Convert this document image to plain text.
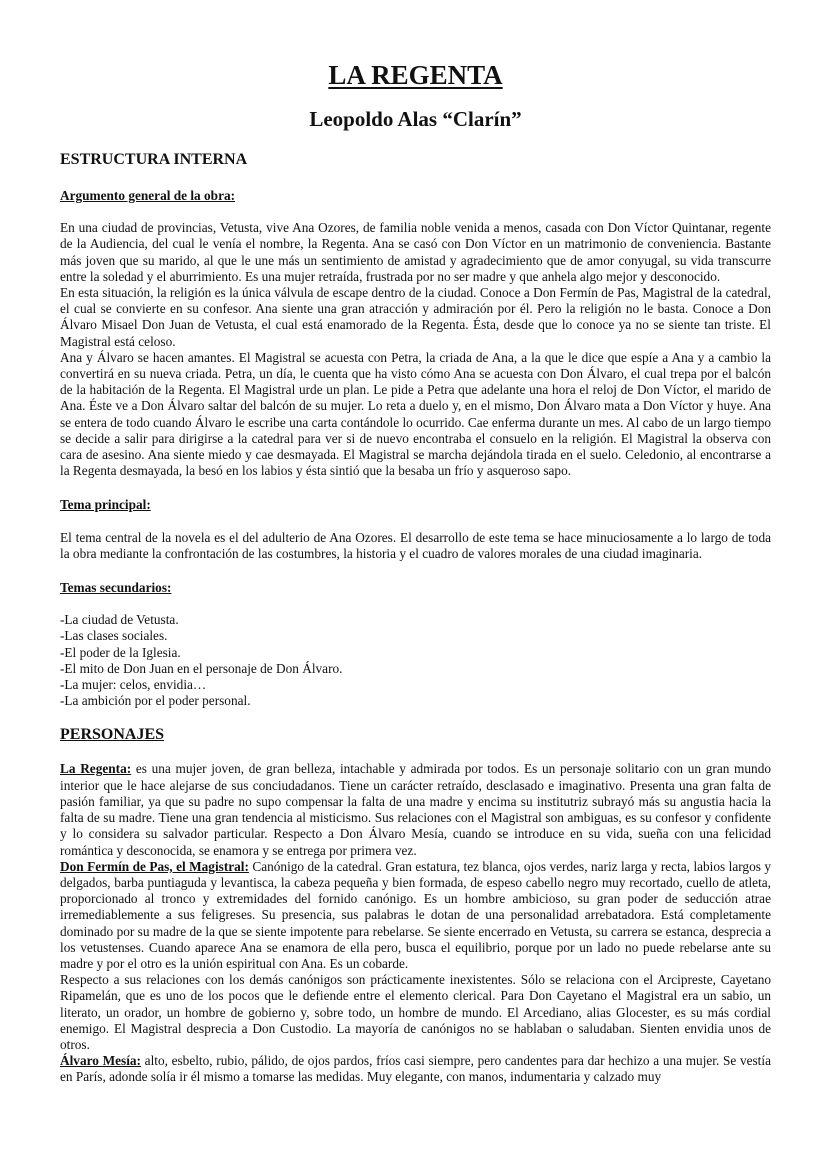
LA REGENTA
Leopoldo Alas “Clarín”
ESTRUCTURA INTERNA
Argumento general de la obra:

En una ciudad de provincias, Vetusta, vive Ana Ozores, de familia noble venida a menos, casada con Don Víctor Quintanar, regente de la Audiencia, del cual le venía el nombre, la Regenta. Ana se casó con Don Víctor en un matrimonio de conveniencia. Bastante más joven que su marido, al que le une más un sentimiento de amistad y agradecimiento que de amor conyugal, su vida transcurre entre la soledad y el aburrimiento. Es una mujer retraída, frustrada por no ser madre y que anhela algo mejor y desconocido.

En esta situación, la religión es la única válvula de escape dentro de la ciudad. Conoce a Don Fermín de Pas, Magistral de la catedral, el cual se convierte en su confesor. Ana siente una gran atracción y admiración por él. Pero la religión no le basta. Conoce a Don Álvaro Misael Don Juan de Vetusta, el cual está enamorado de la Regenta. Ésta, desde que lo conoce ya no se siente tan triste. El Magistral está celoso.

Ana y Álvaro se hacen amantes. El Magistral se acuesta con Petra, la criada de Ana, a la que le dice que espíe a Ana y a cambio la convertirá en su nueva criada. Petra, un día, le cuenta que ha visto cómo Ana se acuesta con Don Álvaro, el cual trepa por el balcón de la habitación de la Regenta. El Magistral urde un plan. Le pide a Petra que adelante una hora el reloj de Don Víctor, el marido de Ana. Éste ve a Don Álvaro saltar del balcón de su mujer. Lo reta a duelo y, en el mismo, Don Álvaro mata a Don Víctor y huye. Ana se entera de todo cuando Álvaro le escribe una carta contándole lo ocurrido. Cae enferma durante un mes. Al cabo de un largo tiempo se decide a salir para dirigirse a la catedral para ver si de nuevo encontraba el consuelo en la religión. El Magistral la observa con cara de asesino. Ana siente miedo y cae desmayada. El Magistral se marcha dejándola tirada en el suelo. Celedonio, al encontrarse a la Regenta desmayada, la besó en los labios y ésta sintió que la besaba un frío y asqueroso sapo.

Tema principal:

El tema central de la novela es el del adulterio de Ana Ozores. El desarrollo de este tema se hace minuciosamente a lo largo de toda la obra mediante la confrontación de las costumbres, la historia y el cuadro de valores morales de una ciudad imaginaria.

Temas secundarios:
-La ciudad de Vetusta.
-Las clases sociales.
-El poder de la Iglesia.
-El mito de Don Juan en el personaje de Don Álvaro.
-La mujer: celos, envidia…
-La ambición por el poder personal.
PERSONAJES

La Regenta: es una mujer joven, de gran belleza, intachable y admirada por todos. Es un personaje solitario con un gran mundo interior que le hace alejarse de sus conciudadanos. Tiene un carácter retraído, desclasado e imaginativo. Presenta una gran falta de pasión familiar, ya que su padre no supo compensar la falta de una madre y encima su institutriz subrayó más su angustia hacia la falta de su madre. Tiene una gran tendencia al misticismo. Sus relaciones con el Magistral son ambiguas, es su confesor y confidente y lo considera su salvador particular. Respecto a Don Álvaro Mesía, cuando se introduce en su vida, sueña con una felicidad romántica y desconocida, se enamora y se entrega por primera vez.

Don Fermín de Pas, el Magistral: Canónigo de la catedral. Gran estatura, tez blanca, ojos verdes, nariz larga y recta, labios largos y delgados, barba puntiaguda y levantisca, la cabeza pequeña y bien formada, de espeso cabello negro muy recortado, cuello de atleta, proporcionado al tronco y extremidades del fornido canónigo. Es un hombre ambicioso, su gran poder de seducción atrae irremediablemente a sus feligreses. Su presencia, sus palabras le dotan de una personalidad arrebatadora. Está completamente dominado por su madre de la que se siente impotente para rebelarse. Se siente encerrado en Vetusta, su carrera se estanca, desprecia a los vetustenses. Cuando aparece Ana se enamora de ella pero, busca el equilibrio, porque por un lado no puede rebelarse ante su madre y por el otro es la unión espiritual con Ana. Es un cobarde.

Respecto a sus relaciones con los demás canónigos son prácticamente inexistentes. Sólo se relaciona con el Arcipreste, Cayetano Ripamelán, que es uno de los pocos que le defiende entre el elemento clerical. Para Don Cayetano el Magistral era un sabio, un literato, un orador, un hombre de gobierno y, sobre todo, un hombre de mundo. El Arcediano, alias Glocester, es su más cordial enemigo. El Magistral desprecia a Don Custodio. La mayoría de canónigos no se hablaban o saludaban. Sienten envidia unos de otros.

Álvaro Mesía: alto, esbelto, rubio, pálido, de ojos pardos, fríos casi siempre, pero candentes para dar hechizo a una mujer. Se vestía en París, adonde solía ir él mismo a tomarse las medidas. Muy elegante, con manos, indumentaria y calzado muy
